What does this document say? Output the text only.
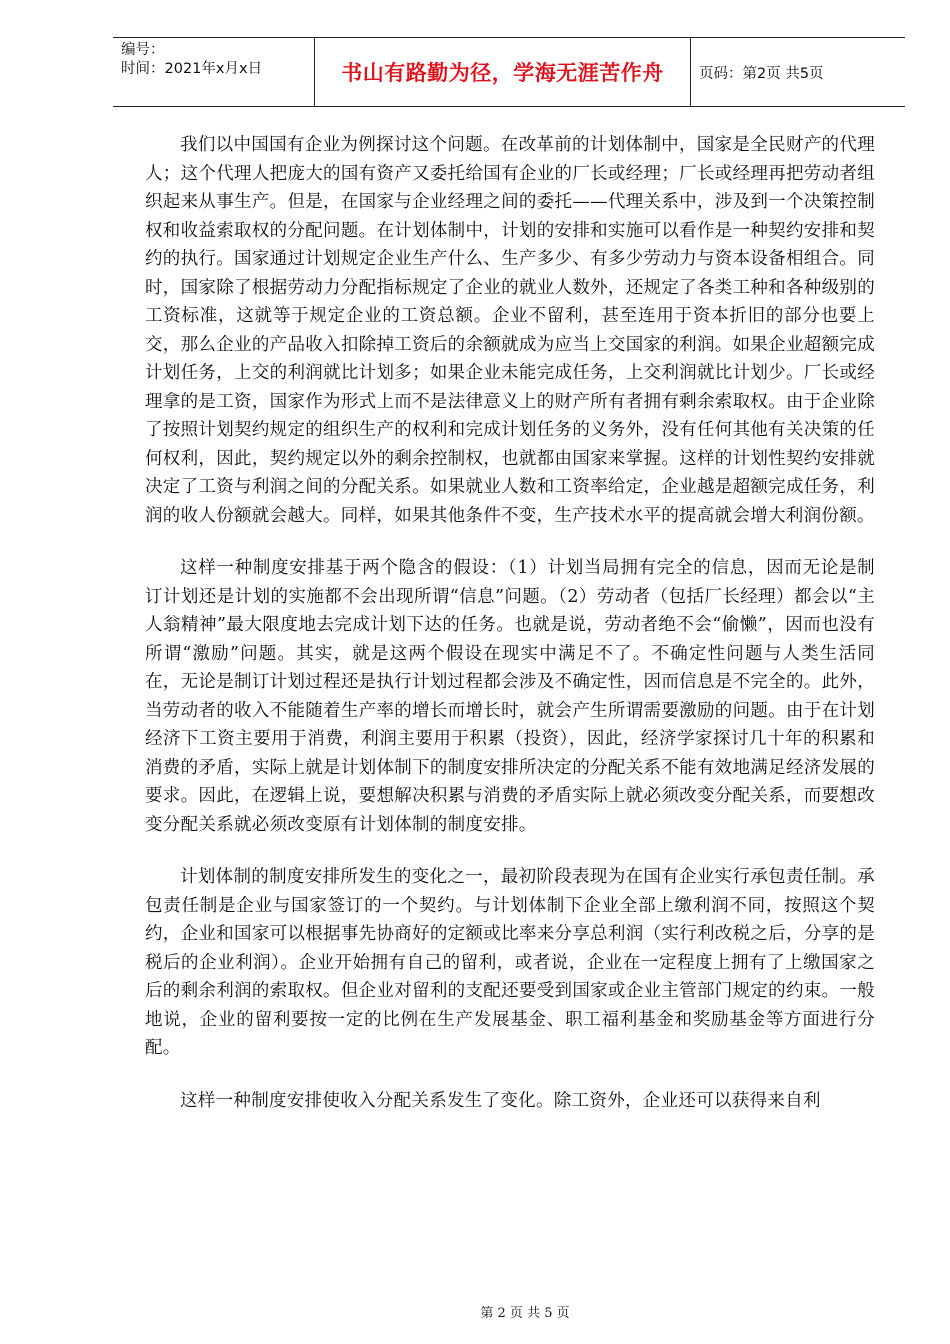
编号：
时间：2021年x月x日	书山有路勤为径，学海无涯苦作舟	页码：第2页 共5页

我们以中国国有企业为例探讨这个问题。在改革前的计划体制中，国家是全民财产的代理人；这个代理人把庞大的国有资产又委托给国有企业的厂长或经理；厂长或经理再把劳动者组织起来从事生产。但是，在国家与企业经理之间的委托——代理关系中，涉及到一个决策控制权和收益索取权的分配问题。在计划体制中，计划的安排和实施可以看作是一种契约安排和契约的执行。国家通过计划规定企业生产什么、生产多少、有多少劳动力与资本设备相组合。同时，国家除了根据劳动力分配指标规定了企业的就业人数外，还规定了各类工种和各种级别的工资标准，这就等于规定企业的工资总额。企业不留利，甚至连用于资本折旧的部分也要上交，那么企业的产品收入扣除掉工资后的余额就成为应当上交国家的利润。如果企业超额完成计划任务，上交的利润就比计划多；如果企业未能完成任务，上交利润就比计划少。厂长或经理拿的是工资，国家作为形式上而不是法律意义上的财产所有者拥有剩余索取权。由于企业除了按照计划契约规定的组织生产的权利和完成计划任务的义务外，没有任何其他有关决策的任何权利，因此，契约规定以外的剩余控制权，也就都由国家来掌握。这样的计划性契约安排就决定了工资与利润之间的分配关系。如果就业人数和工资率给定，企业越是超额完成任务，利润的收人份额就会越大。同样，如果其他条件不变，生产技术水平的提高就会增大利润份额。

这样一种制度安排基于两个隐含的假设：（1）计划当局拥有完全的信息，因而无论是制订计划还是计划的实施都不会出现所谓“信息”问题。（2）劳动者（包括厂长经理）都会以“主人翁精神”最大限度地去完成计划下达的任务。也就是说，劳动者绝不会“偷懒”，因而也没有所谓“激励”问题。其实，就是这两个假设在现实中满足不了。不确定性问题与人类生活同在，无论是制订计划过程还是执行计划过程都会涉及不确定性，因而信息是不完全的。此外，当劳动者的收入不能随着生产率的增长而增长时，就会产生所谓需要激励的问题。由于在计划经济下工资主要用于消费，利润主要用于积累（投资），因此，经济学家探讨几十年的积累和消费的矛盾，实际上就是计划体制下的制度安排所决定的分配关系不能有效地满足经济发展的要求。因此，在逻辑上说，要想解决积累与消费的矛盾实际上就必须改变分配关系，而要想改变分配关系就必须改变原有计划体制的制度安排。

计划体制的制度安排所发生的变化之一，最初阶段表现为在国有企业实行承包责任制。承包责任制是企业与国家签订的一个契约。与计划体制下企业全部上缴利润不同，按照这个契约，企业和国家可以根据事先协商好的定额或比率来分享总利润（实行利改税之后，分享的是税后的企业利润）。企业开始拥有自己的留利，或者说，企业在一定程度上拥有了上缴国家之后的剩余利润的索取权。但企业对留利的支配还要受到国家或企业主管部门规定的约束。一般地说，企业的留利要按一定的比例在生产发展基金、职工福利基金和奖励基金等方面进行分配。

这样一种制度安排使收入分配关系发生了变化。除工资外，企业还可以获得来自利

第 2 页 共 5 页
